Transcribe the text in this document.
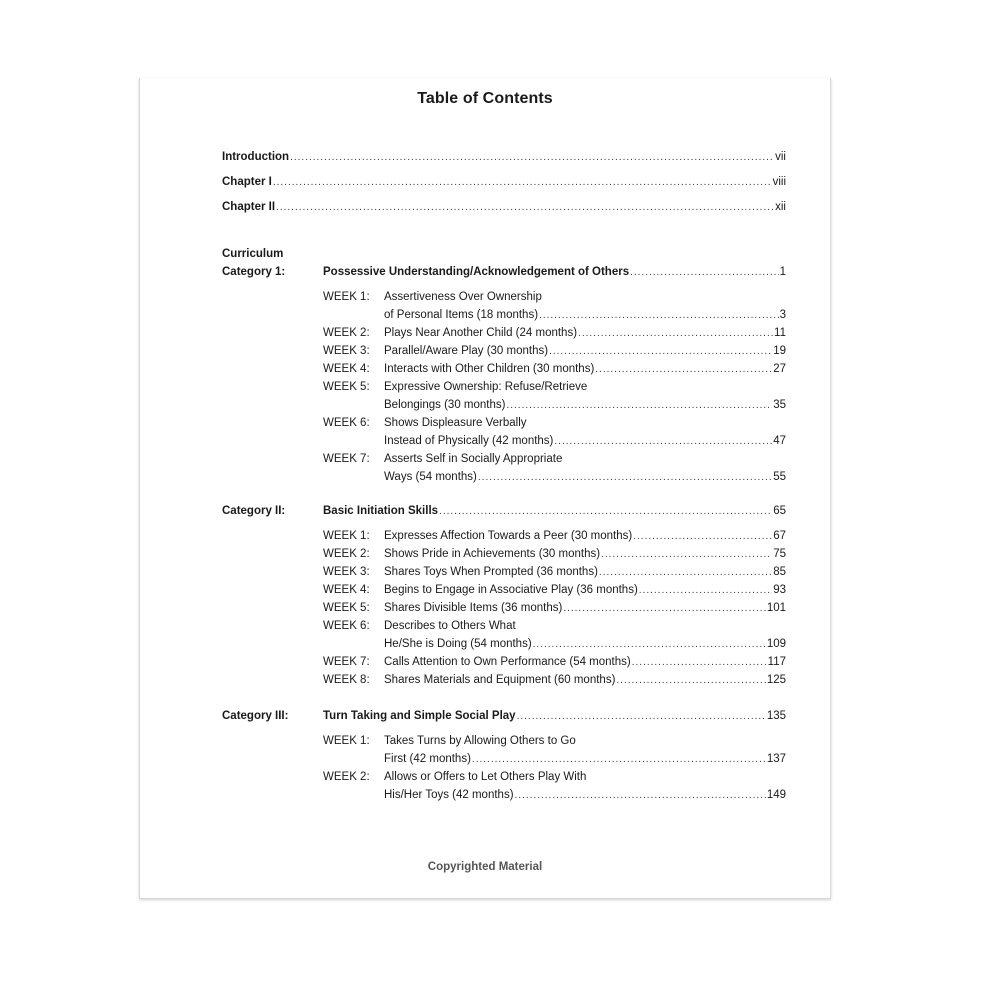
Table of Contents
Introduction .....	vii
Chapter I .....	viii
Chapter II .....	xii
Curriculum
Category 1:	Possessive Understanding/Acknowledgement of Others .....	1
WEEK 1: Assertiveness Over Ownership
of Personal Items (18 months) .....	3
WEEK 2: Plays Near Another Child (24 months) .....	11
WEEK 3: Parallel/Aware Play (30 months) .....	19
WEEK 4: Interacts with Other Children (30 months) .....	27
WEEK 5: Expressive Ownership: Refuse/Retrieve
Belongings (30 months) .....	35
WEEK 6: Shows Displeasure Verbally
Instead of Physically (42 months) .....	47
WEEK 7: Asserts Self in Socially Appropriate
Ways (54 months) .....	55
Category II:	Basic Initiation Skills .....	65
WEEK 1: Expresses Affection Towards a Peer (30 months) .....	67
WEEK 2: Shows Pride in Achievements (30 months) .....	75
WEEK 3: Shares Toys When Prompted (36 months) .....	85
WEEK 4: Begins to Engage in Associative Play (36 months) .....	93
WEEK 5: Shares Divisible Items (36 months) .....	101
WEEK 6: Describes to Others What
He/She is Doing (54 months) .....	109
WEEK 7: Calls Attention to Own Performance (54 months) .....	117
WEEK 8: Shares Materials and Equipment (60 months) .....	125
Category III:	Turn Taking and Simple Social Play .....	135
WEEK 1: Takes Turns by Allowing Others to Go
First (42 months) .....	137
WEEK 2: Allows or Offers to Let Others Play With
His/Her Toys (42 months) .....	149
Copyrighted Material
